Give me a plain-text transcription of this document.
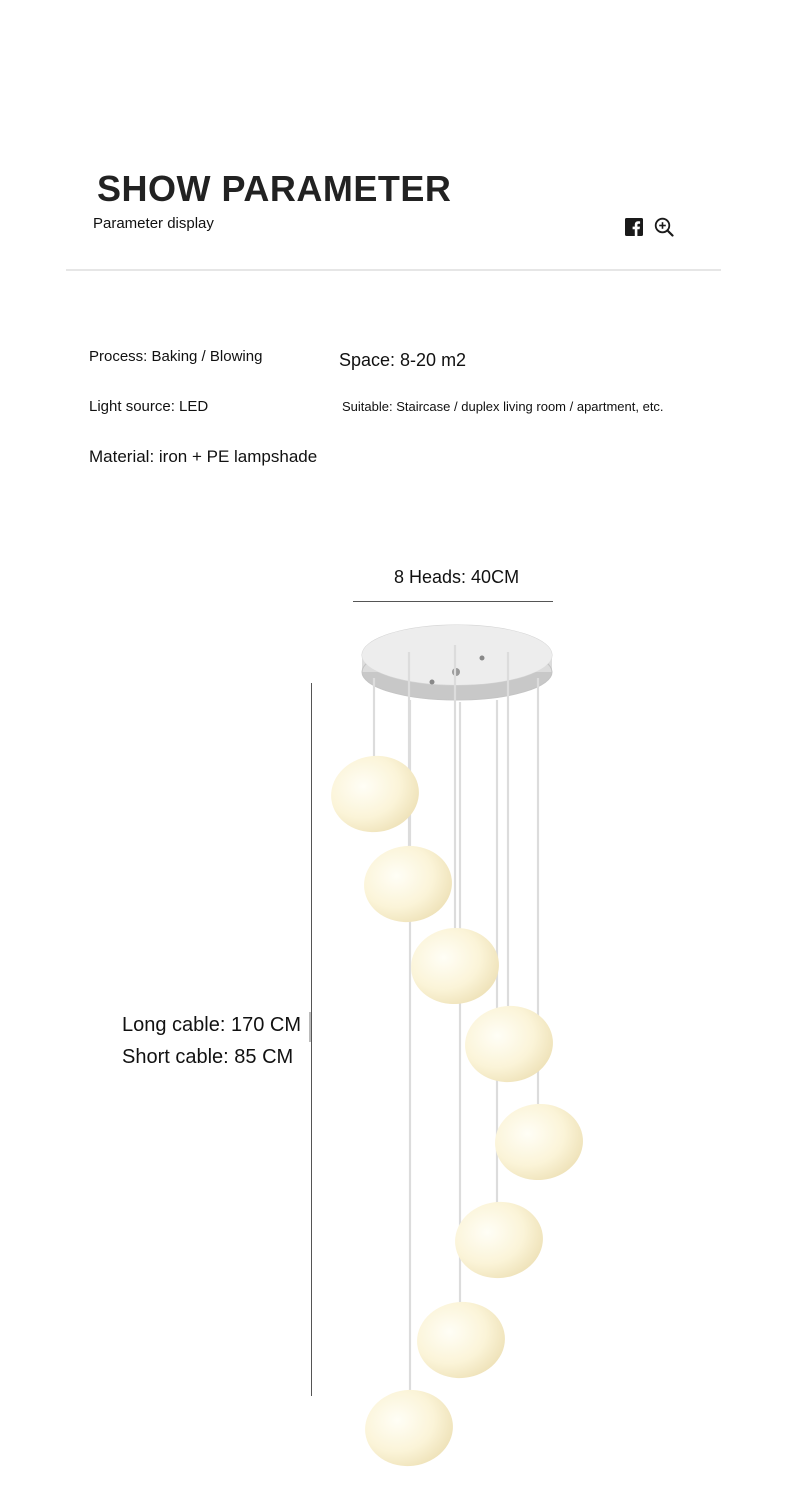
SHOW PARAMETER
Parameter display
Process: Baking / Blowing	Space: 8-20 m2
Light source: LED	Suitable: Staircase / duplex living room / apartment, etc.
Material: iron + PE lampshade
8 Heads: 40CM
Long cable: 170 CM
Short cable: 85 CM
